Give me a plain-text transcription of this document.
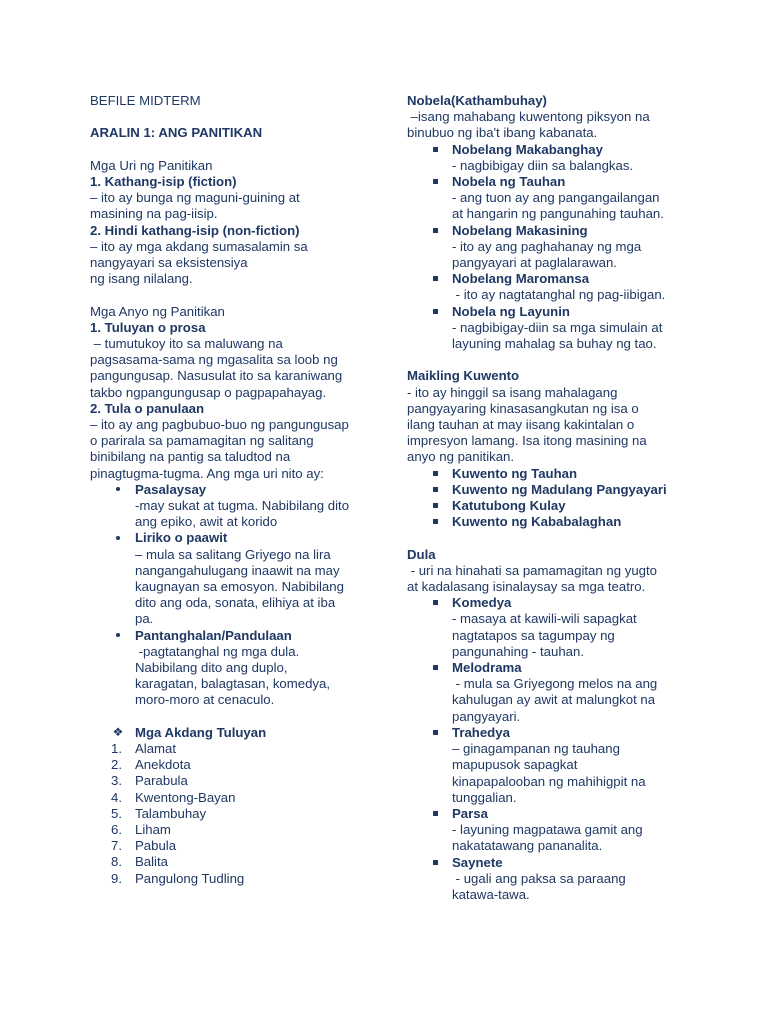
BEFILE MIDTERM
ARALIN 1: ANG PANITIKAN
Mga Uri ng Panitikan
1. Kathang-isip (fiction)
– ito ay bunga ng maguni-guining at
masining na pag-iisip.
2. Hindi kathang-isip (non-fiction)
– ito ay mga akdang sumasalamin sa
nangyayari sa eksistensiya
ng isang nilalang.
Mga Anyo ng Panitikan
1. Tuluyan o prosa
– tumutukoy ito sa maluwang na
pagsasama-sama ng mgasalita sa loob ng
pangungusap. Nasusulat ito sa karaniwang
takbo ngpangungusap o pagpapahayag.
2. Tula o panulaan
– ito ay ang pagbubuo-buo ng pangungusap
o parirala sa pamamagitan ng salitang
binibilang na pantig sa taludtod na
pinagtugma-tugma. Ang mga uri nito ay:
Pasalaysay
-may sukat at tugma. Nabibilang dito
ang epiko, awit at korido
Liriko o paawit
– mula sa salitang Griyego na lira
nangangahulugang inaawit na may
kaugnayan sa emosyon. Nabibilang
dito ang oda, sonata, elihiya at iba
pa.
Pantanghalan/Pandulaan
-pagtatanghal ng mga dula.
Nabibilang dito ang duplo,
karagatan, balagtasan, komedya,
moro-moro at cenaculo.
❖ Mga Akdang Tuluyan
1. Alamat
2. Anekdota
3. Parabula
4. Kwentong-Bayan
5. Talambuhay
6. Liham
7. Pabula
8. Balita
9. Pangulong Tudling
Nobela(Kathambuhay)
–isang mahabang kuwentong piksyon na
binubuo ng iba't ibang kabanata.
Nobelang Makabanghay
- nagbibigay diin sa balangkas.
Nobela ng Tauhan
- ang tuon ay ang pangangailangan
at hangarin ng pangunahing tauhan.
Nobelang Makasining
- ito ay ang paghahanay ng mga
pangyayari at paglalarawan.
Nobelang Maromansa
- ito ay nagtatanghal ng pag-iibigan.
Nobela ng Layunin
- nagbibigay-diin sa mga simulain at
layuning mahalag sa buhay ng tao.
Maikling Kuwento
- ito ay hinggil sa isang mahalagang
pangyayaring kinasasangkutan ng isa o
ilang tauhan at may iisang kakintalan o
impresyon lamang. Isa itong masining na
anyo ng panitikan.
Kuwento ng Tauhan
Kuwento ng Madulang Pangyayari
Katutubong Kulay
Kuwento ng Kababalaghan
Dula
- uri na hinahati sa pamamagitan ng yugto
at kadalasang isinalaysay sa mga teatro.
Komedya
- masaya at kawili-wili sapagkat
nagtatapos sa tagumpay ng
pangunahing - tauhan.
Melodrama
- mula sa Griyegong melos na ang
kahulugan ay awit at malungkot na
pangyayari.
Trahedya
– ginagampanan ng tauhang
mapupusok sapagkat
kinapapalooban ng mahihigpit na
tunggalian.
Parsa
- layuning magpatawa gamit ang
nakatatawang pananalita.
Saynete
- ugali ang paksa sa paraang
katawa-tawa.
